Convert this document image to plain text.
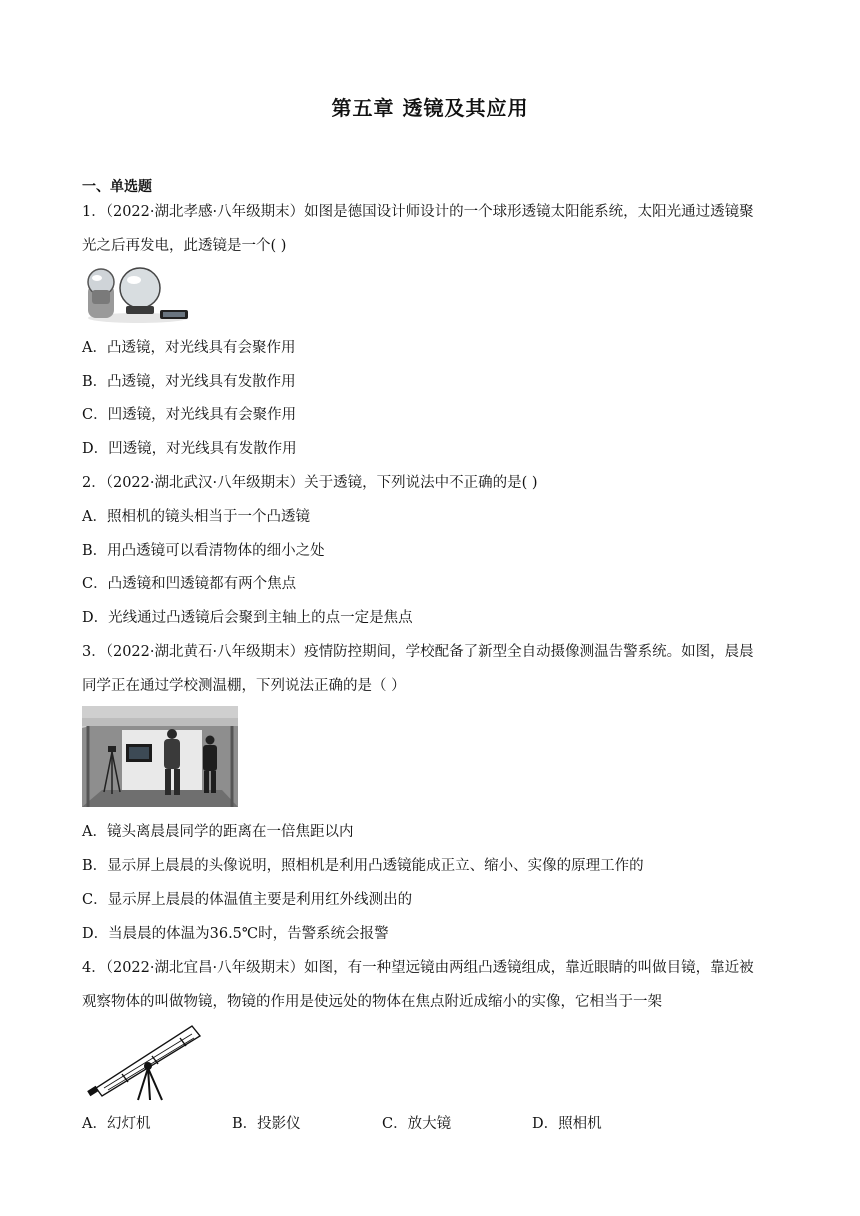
第五章 透镜及其应用
一、单选题
1．（2022·湖北孝感·八年级期末）如图是德国设计师设计的一个球形透镜太阳能系统，太阳光通过透镜聚
光之后再发电，此透镜是一个( )
A．凸透镜，对光线具有会聚作用
B．凸透镜，对光线具有发散作用
C．凹透镜，对光线具有会聚作用
D．凹透镜，对光线具有发散作用
2．（2022·湖北武汉·八年级期末）关于透镜，下列说法中不正确的是( )
A．照相机的镜头相当于一个凸透镜
B．用凸透镜可以看清物体的细小之处
C．凸透镜和凹透镜都有两个焦点
D．光线通过凸透镜后会聚到主轴上的点一定是焦点
3．（2022·湖北黄石·八年级期末）疫情防控期间，学校配备了新型全自动摄像测温告警系统。如图，晨晨
同学正在通过学校测温棚，下列说法正确的是（ ）
A．镜头离晨晨同学的距离在一倍焦距以内
B．显示屏上晨晨的头像说明，照相机是利用凸透镜能成正立、缩小、实像的原理工作的
C．显示屏上晨晨的体温值主要是利用红外线测出的
D．当晨晨的体温为36.5℃时，告警系统会报警
4．（2022·湖北宜昌·八年级期末）如图，有一种望远镜由两组凸透镜组成，靠近眼睛的叫做目镜，靠近被
观察物体的叫做物镜，物镜的作用是使远处的物体在焦点附近成缩小的实像，它相当于一架
A．幻灯机	B．投影仪	C．放大镜	D．照相机
